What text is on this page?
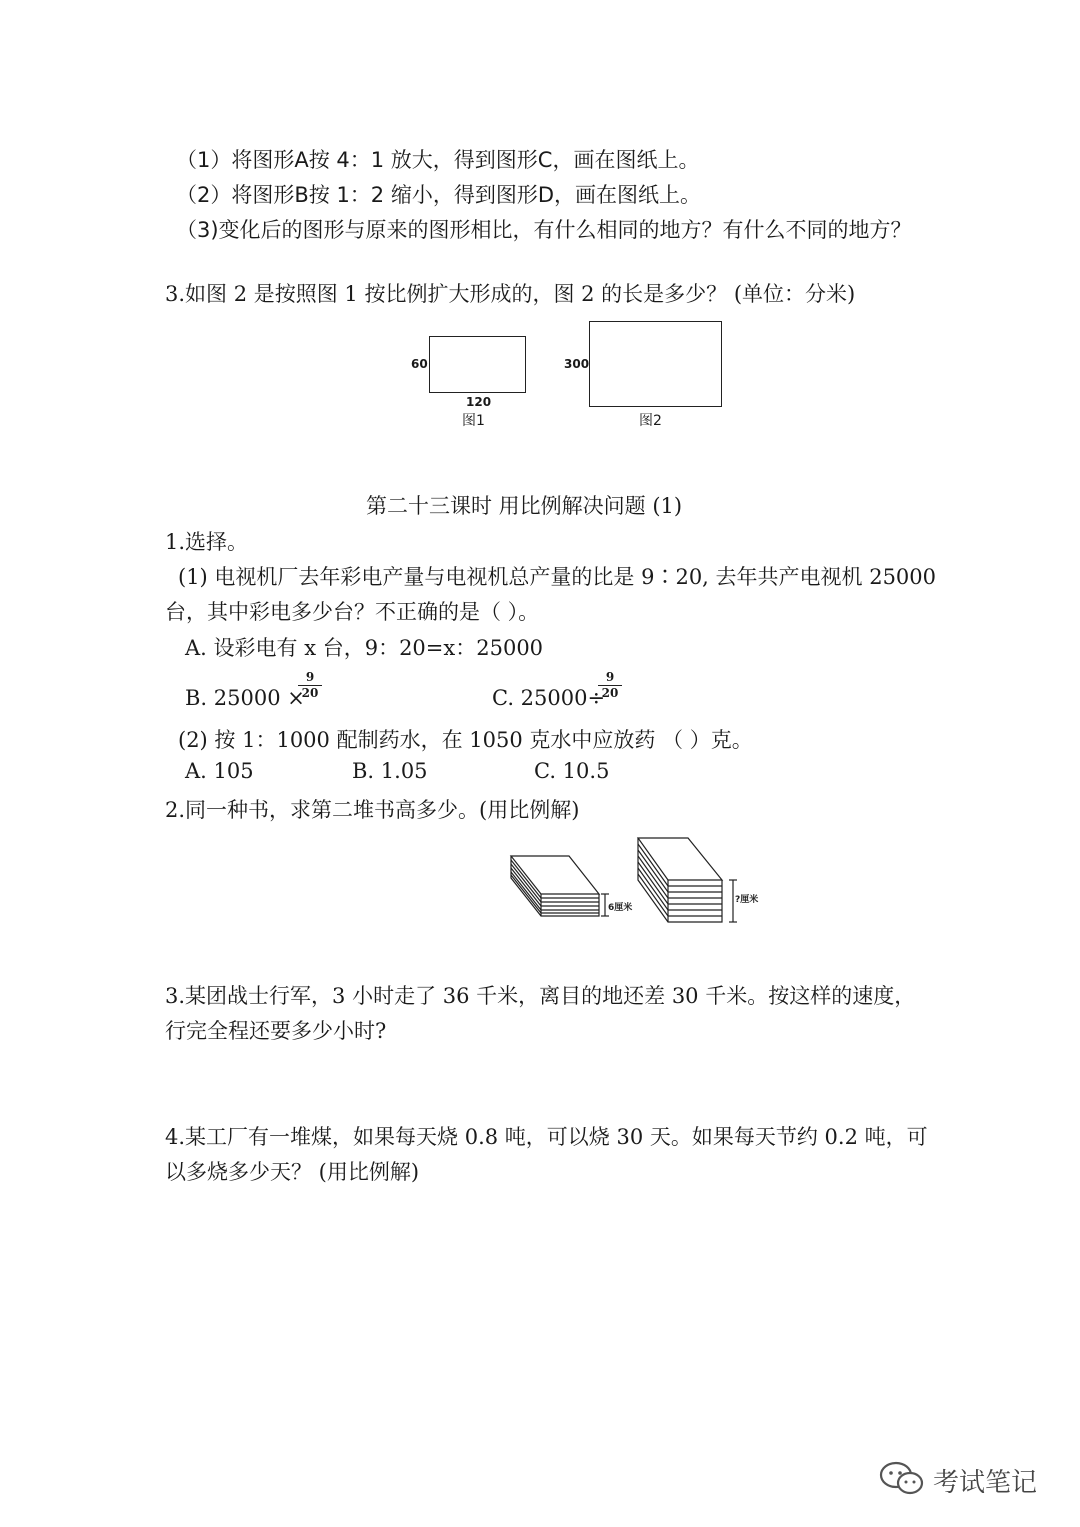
（1）将图形A按 4：1 放大，得到图形C，画在图纸上。
（2）将图形B按 1：2 缩小，得到图形D，画在图纸上。
（3)变化后的图形与原来的图形相比，有什么相同的地方？有什么不同的地方？
3.如图 2 是按照图 1 按比例扩大形成的，图 2 的长是多少？ (单位：分米)
60
120
图1
300
图2
第二十三课时 用比例解决问题 (1)
1.选择。
(1) 电视机厂去年彩电产量与电视机总产量的比是 9∶20, 去年共产电视机 25000
台，其中彩电多少台？不正确的是（ ）。
A. 设彩电有 x 台，9：20=x：25000
B. 25000 ×
9
20	C. 25000÷
9
20
(2) 按 1：1000 配制药水，在 1050 克水中应放药 （ ）克。
A. 105	B. 1.05	C. 10.5
2.同一种书，求第二堆书高多少。(用比例解)
6厘米
?厘米
3.某团战士行军，3 小时走了 36 千米，离目的地还差 30 千米。按这样的速度，
行完全程还要多少小时?
4.某工厂有一堆煤，如果每天烧 0.8 吨，可以烧 30 天。如果每天节约 0.2 吨，可
以多烧多少天？ (用比例解)
考试笔记
